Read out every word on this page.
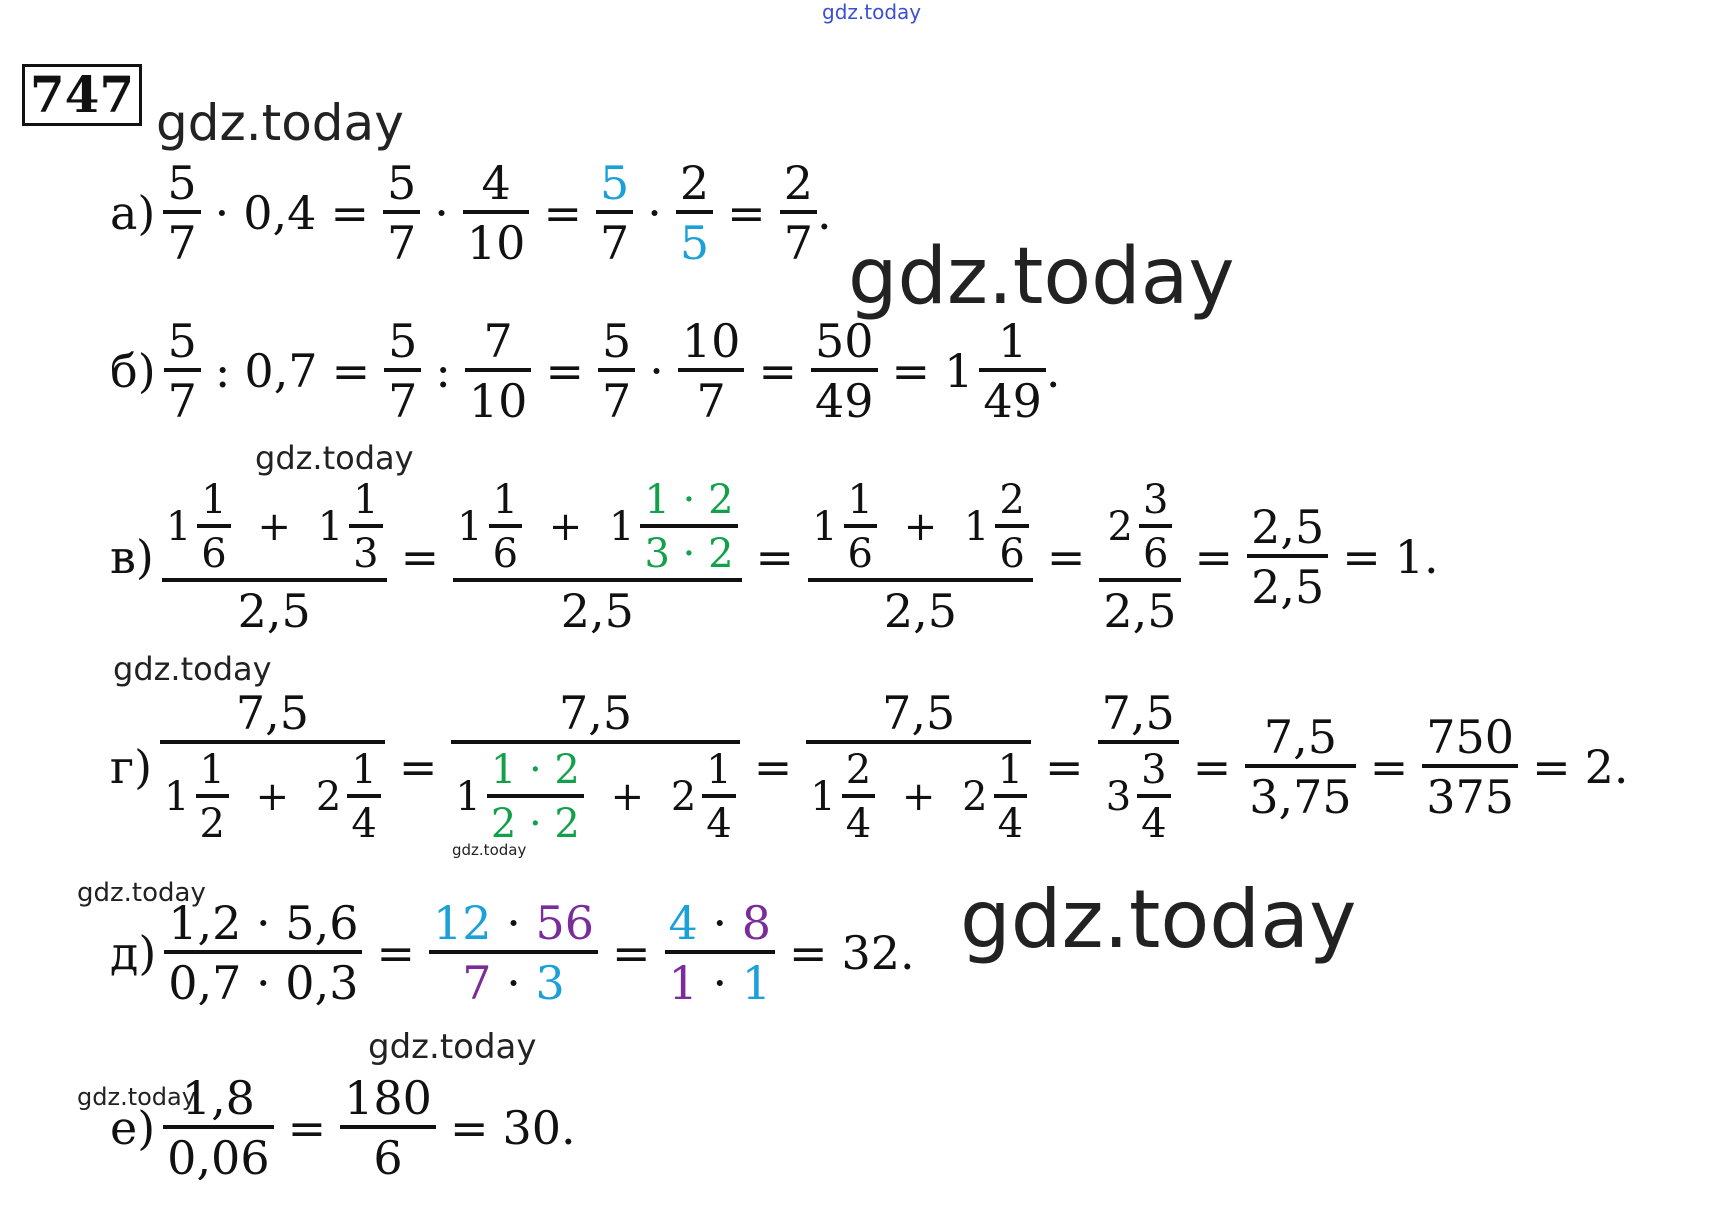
gdz.today
gdz.today
gdz.today
gdz.today
gdz.today
gdz.today
gdz.today	gdz.today
gdz.today
gdz.today
747
$а) \frac{5}{7} \cdot 0,4 = \frac{5}{7} \cdot \frac{4}{10} = \frac{5}{7} \cdot \frac{2}{5} = \frac{2}{7}$ .
$б) \frac{5}{7}$ : $0,7 = \frac{5}{7}$ : $\frac{7}{10} = \frac{5}{7} \cdot \frac{10}{7} = \frac{50}{49} = 1 \frac{1}{49}$ .
$в) \frac{1 \frac{1}{6} + 1 \frac{1}{3}}{2,5} = \frac{1 \frac{1}{6} + 1 \frac{1 \cdot 2}{3 \cdot 2}}{2,5} = \frac{1 \frac{1}{6} + 1 \frac{2}{6}}{2,5} = \frac{2 \frac{3}{6}}{2,5} = \frac{2,5}{2,5} = 1$.
$г) \frac{7,5}{1 \frac{1}{2} + 2 \frac{1}{4}} = \frac{7,5}{1 \frac{1 \cdot 2}{2 \cdot 2} + 2 \frac{1}{4}} = \frac{7,5}{1 \frac{2}{4} + 2 \frac{1}{4}} = \frac{7,5}{3 \frac{3}{4}} = \frac{7,5}{3,75} = \frac{750}{375} = 2$.
$д) \frac{1,2 \cdot 5,6}{0,7 \cdot 0,3} = \frac{12 \cdot 56}{7 \cdot 3} = \frac{4 \cdot 8}{1 \cdot 1} = 32$.
$е) \frac{1,8}{0,06} = \frac{180}{6} = 30$.
